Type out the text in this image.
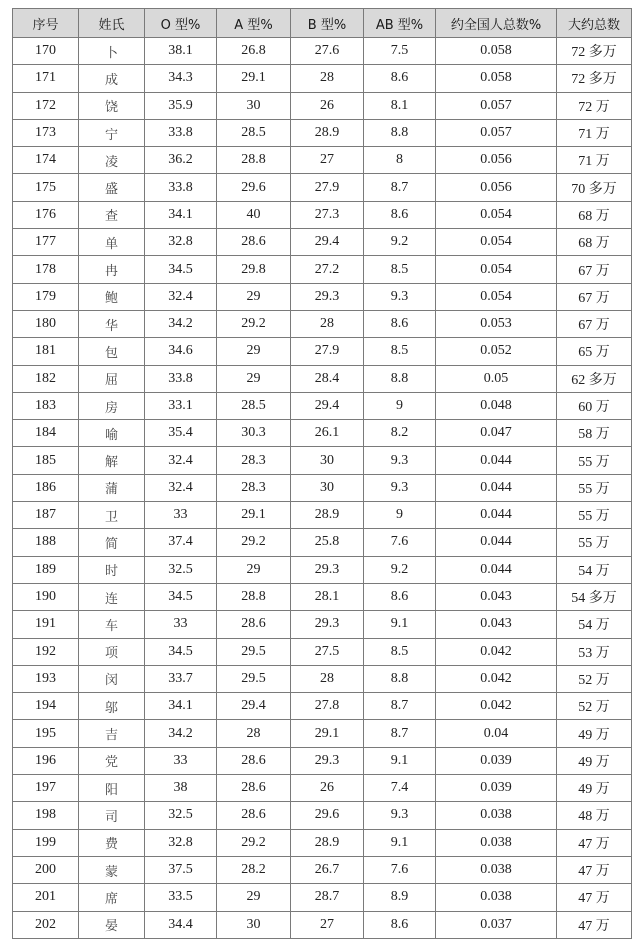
序号	姓氏	O 型%	A 型%	B 型%	AB 型%	约全国人总数%	大约总数
170	卜	38.1	26.8	27.6	7.5	0.058	72 多万
171	成	34.3	29.1	28	8.6	0.058	72 多万
172	饶	35.9	30	26	8.1	0.057	72 万
173	宁	33.8	28.5	28.9	8.8	0.057	71 万
174	凌	36.2	28.8	27	8	0.056	71 万
175	盛	33.8	29.6	27.9	8.7	0.056	70 多万
176	查	34.1	40	27.3	8.6	0.054	68 万
177	单	32.8	28.6	29.4	9.2	0.054	68 万
178	冉	34.5	29.8	27.2	8.5	0.054	67 万
179	鲍	32.4	29	29.3	9.3	0.054	67 万
180	华	34.2	29.2	28	8.6	0.053	67 万
181	包	34.6	29	27.9	8.5	0.052	65 万
182	屈	33.8	29	28.4	8.8	0.05	62 多万
183	房	33.1	28.5	29.4	9	0.048	60 万
184	喻	35.4	30.3	26.1	8.2	0.047	58 万
185	解	32.4	28.3	30	9.3	0.044	55 万
186	蒲	32.4	28.3	30	9.3	0.044	55 万
187	卫	33	29.1	28.9	9	0.044	55 万
188	简	37.4	29.2	25.8	7.6	0.044	55 万
189	时	32.5	29	29.3	9.2	0.044	54 万
190	连	34.5	28.8	28.1	8.6	0.043	54 多万
191	车	33	28.6	29.3	9.1	0.043	54 万
192	项	34.5	29.5	27.5	8.5	0.042	53 万
193	闵	33.7	29.5	28	8.8	0.042	52 万
194	邬	34.1	29.4	27.8	8.7	0.042	52 万
195	吉	34.2	28	29.1	8.7	0.04	49 万
196	党	33	28.6	29.3	9.1	0.039	49 万
197	阳	38	28.6	26	7.4	0.039	49 万
198	司	32.5	28.6	29.6	9.3	0.038	48 万
199	费	32.8	29.2	28.9	9.1	0.038	47 万
200	蒙	37.5	28.2	26.7	7.6	0.038	47 万
201	席	33.5	29	28.7	8.9	0.038	47 万
202	晏	34.4	30	27	8.6	0.037	47 万
